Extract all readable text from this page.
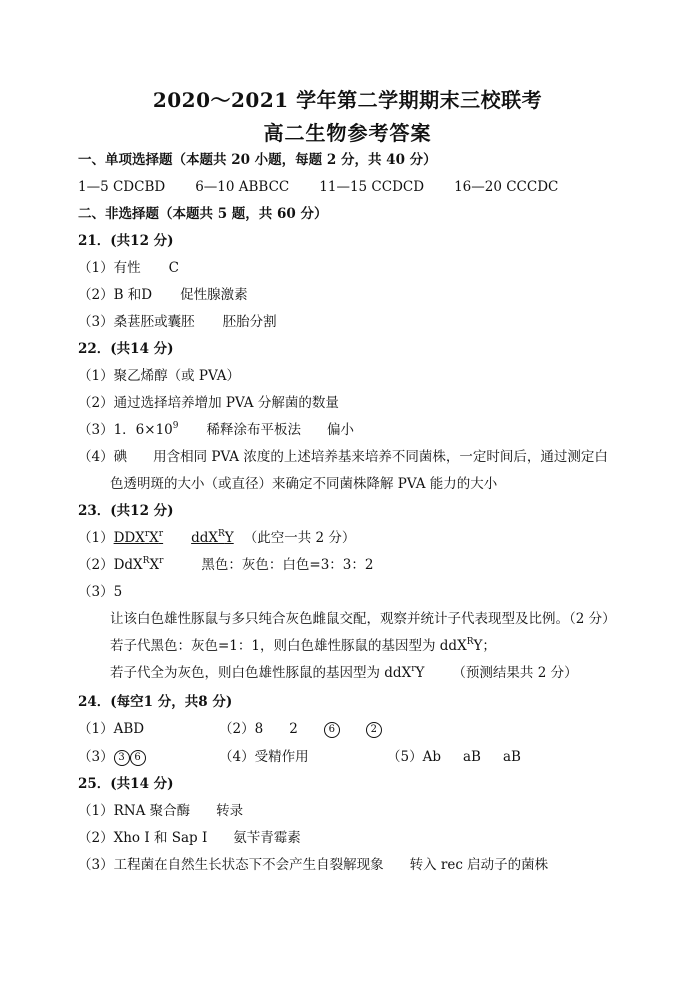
2020～2021 学年第二学期期末三校联考
高二生物参考答案
一、单项选择题（本题共 20 小题，每题 2 分，共 40 分）
1—5 CDCBD 6—10 ABBCC 11—15 CCDCD 16—20 CCCDC
二、非选择题（本题共 5 题，共 60 分）
21．(共12 分)
（1）有性 C
（2）B 和D 促性腺激素
（3）桑葚胚或囊胚 胚胎分割
22．(共14 分)
（1）聚乙烯醇（或 PVA）
（2）通过选择培养增加 PVA 分解菌的数量
（3）1．$6\times 10^9$ 稀释涂布平板法 偏小
（4）碘 用含相同 PVA 浓度的上述培养基来培养不同菌株，一定时间后，通过测定白
色透明斑的大小（或直径）来确定不同菌株降解 PVA 能力的大小
23．(共12 分)
$(1)DDX^rX^r$ ddX$^R$Y （此空一共 2 分）
$(2)DdX^RX^r$	黑色：灰色：白色=3：3：2
（3）5
让该白色雄性豚鼠与多只纯合灰色雌鼠交配，观察并统计子代表现型及比例。（2 分）
若子代黑色：灰色=1：1，则白色雄性豚鼠的基因型为 ddX$^R$Y；
若子代全为灰色，则白色雄性豚鼠的基因型为 ddX$^r$Y （预测结果共 2 分）
24．(每空1 分，共8 分)
（1）ABD	（2）8 2	6	2
（3） 3 6	（4）受精作用	（5）Ab aB aB
25．(共14 分)
（1）RNA 聚合酶 转录
（2）Xho I 和 Sap I 氨苄青霉素
（3）工程菌在自然生长状态下不会产生自裂解现象 转入 rec 启动子的菌株
